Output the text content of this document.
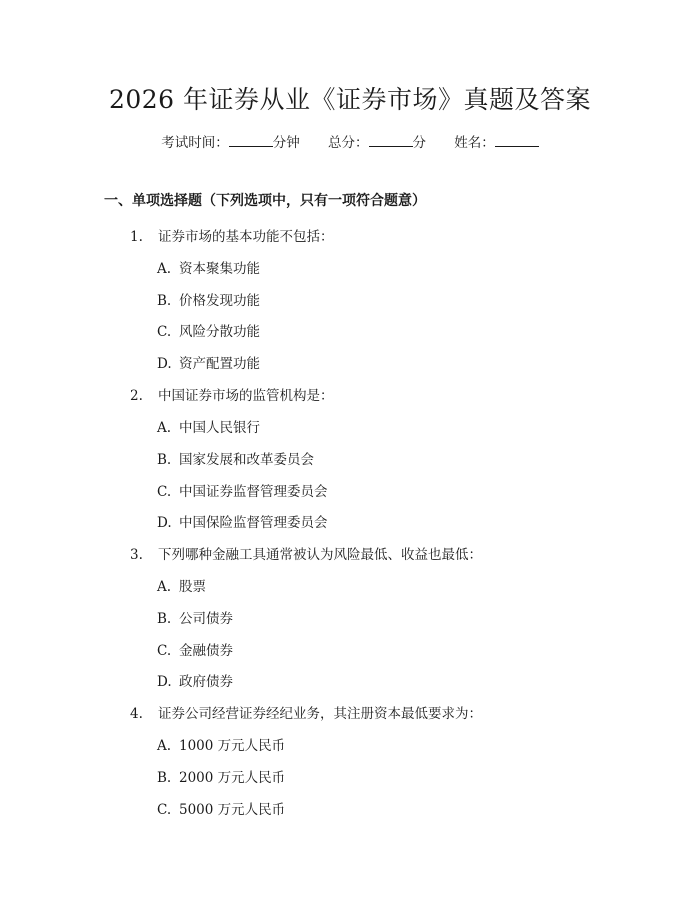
2026 年证券从业《证券市场》真题及答案
考试时间：	分钟 总分：	分 姓名：
一、单项选择题（下列选项中，只有一项符合题意）
1. 证券市场的基本功能不包括：
A. 资本聚集功能
B. 价格发现功能
C. 风险分散功能
D. 资产配置功能
2. 中国证券市场的监管机构是：
A. 中国人民银行
B. 国家发展和改革委员会
C. 中国证券监督管理委员会
D. 中国保险监督管理委员会
3. 下列哪种金融工具通常被认为风险最低、收益也最低：
A. 股票
B. 公司债券
C. 金融债券
D. 政府债券
4. 证券公司经营证券经纪业务，其注册资本最低要求为：
A. 1000 万元人民币
B. 2000 万元人民币
C. 5000 万元人民币
